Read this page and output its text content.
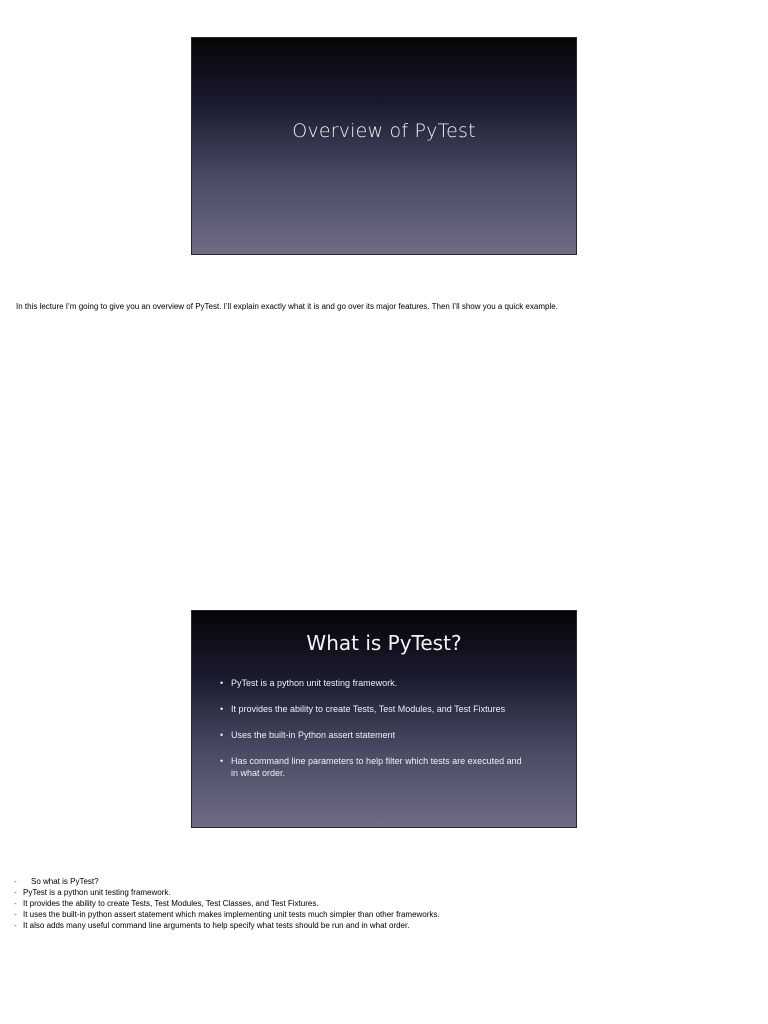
Overview of PyTest
In this lecture I’m going to give you an overview of PyTest. I’ll explain exactly what it is and go over its major features. Then I’ll show you a quick example.
What is PyTest?
• PyTest is a python unit testing framework.
• It provides the ability to create Tests, Test Modules, and Test Fixtures
• Uses the built-in Python assert statement
• Has command line parameters to help filter which tests are executed and in what order.
- So what is PyTest?
- PyTest is a python unit testing framework.
- It provides the ability to create Tests, Test Modules, Test Classes, and Test Fixtures.
- It uses the built-in python assert statement which makes implementing unit tests much simpler than other frameworks.
- It also adds many useful command line arguments to help specify what tests should be run and in what order.
